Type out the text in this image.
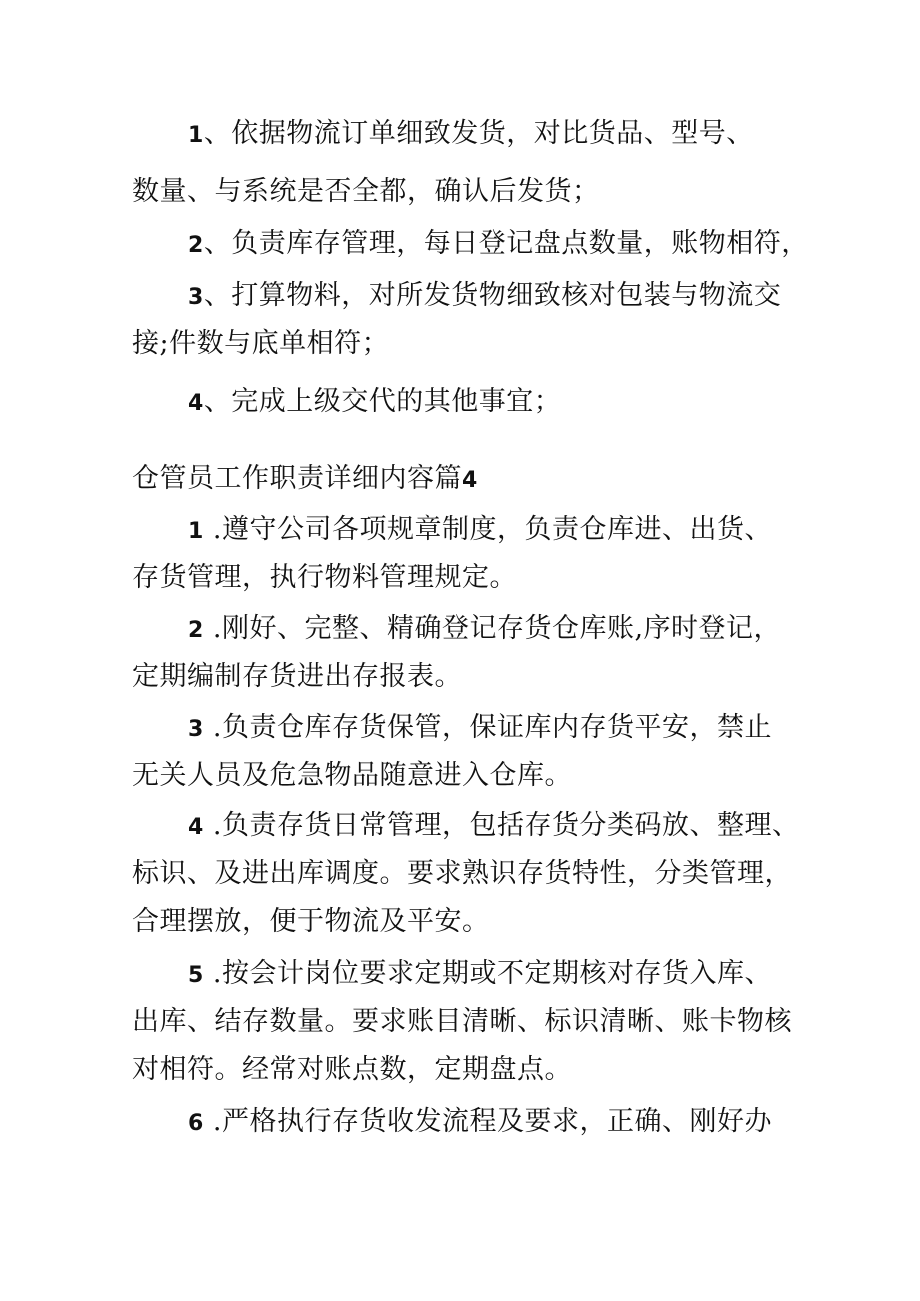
1、依据物流订单细致发货，对比货品、型号、
数量、与系统是否全都，确认后发货；
2、负责库存管理，每日登记盘点数量，账物相符，
3、打算物料，对所发货物细致核对包装与物流交
接;件数与底单相符；
4、完成上级交代的其他事宜；
仓管员工作职责详细内容篇4
1 .遵守公司各项规章制度，负责仓库进、出货、
存货管理，执行物料管理规定。
2 .刚好、完整、精确登记存货仓库账,序时登记，
定期编制存货进出存报表。
3 .负责仓库存货保管，保证库内存货平安，禁止
无关人员及危急物品随意进入仓库。
4 .负责存货日常管理，包括存货分类码放、整理、
标识、及进出库调度。要求熟识存货特性，分类管理，
合理摆放，便于物流及平安。
5 .按会计岗位要求定期或不定期核对存货入库、
出库、结存数量。要求账目清晰、标识清晰、账卡物核
对相符。经常对账点数，定期盘点。
6 .严格执行存货收发流程及要求，正确、刚好办
